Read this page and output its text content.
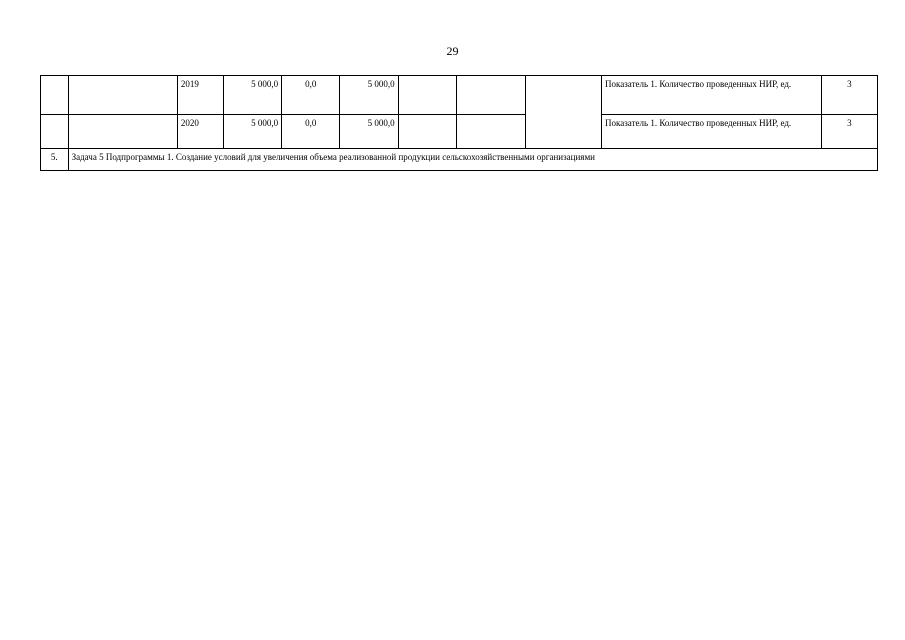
29
		2019	5 000,0	0,0	5 000,0				Показатель 1. Количество проведенных НИР, ед.	3
		2020	5 000,0	0,0	5 000,0				Показатель 1. Количество проведенных НИР, ед.	3
5.	Задача 5 Подпрограммы 1. Создание условий для увеличения объема реализованной продукции сельскохозяйственными организациями									
